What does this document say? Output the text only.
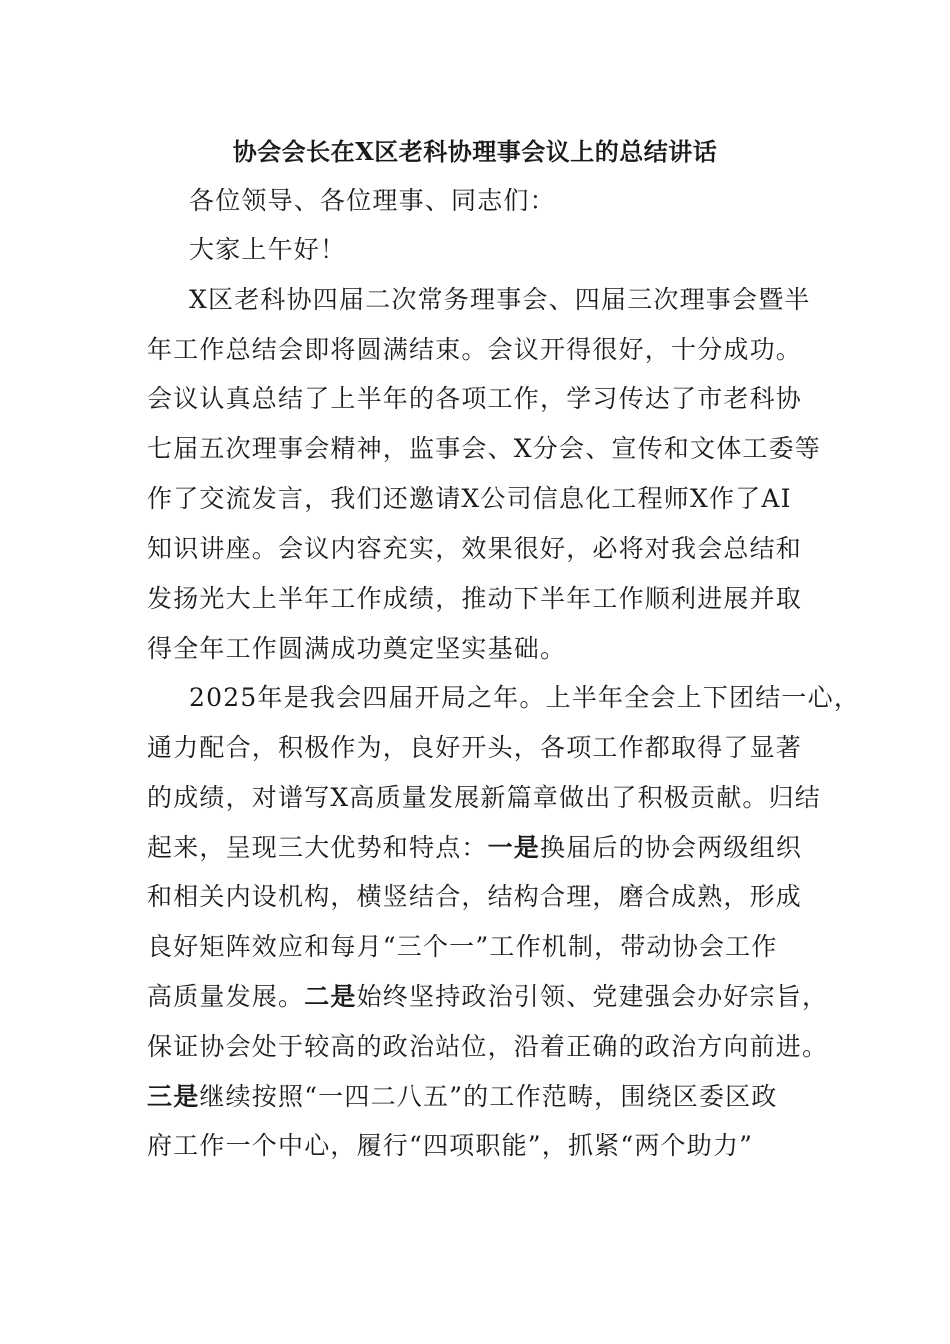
协会会长在X区老科协理事会议上的总结讲话
各位领导、各位理事、同志们：
大家上午好！
X区老科协四届二次常务理事会、四届三次理事会暨半
年工作总结会即将圆满结束。会议开得很好，十分成功。
会议认真总结了上半年的各项工作，学习传达了市老科协
七届五次理事会精神，监事会、X分会、宣传和文体工委等
作了交流发言，我们还邀请X公司信息化工程师X作了AI
知识讲座。会议内容充实，效果很好，必将对我会总结和
发扬光大上半年工作成绩，推动下半年工作顺利进展并取
得全年工作圆满成功奠定坚实基础。
2025年是我会四届开局之年。上半年全会上下团结一心，
通力配合，积极作为，良好开头，各项工作都取得了显著
的成绩，对谱写X高质量发展新篇章做出了积极贡献。归结
起来，呈现三大优势和特点：一是换届后的协会两级组织
和相关内设机构，横竖结合，结构合理，磨合成熟，形成
良好矩阵效应和每月“三个一”工作机制，带动协会工作
高质量发展。二是始终坚持政治引领、党建强会办好宗旨，
保证协会处于较高的政治站位，沿着正确的政治方向前进。
三是继续按照“一四二八五”的工作范畴，围绕区委区政
府工作一个中心，履行“四项职能”，抓紧“两个助力”
